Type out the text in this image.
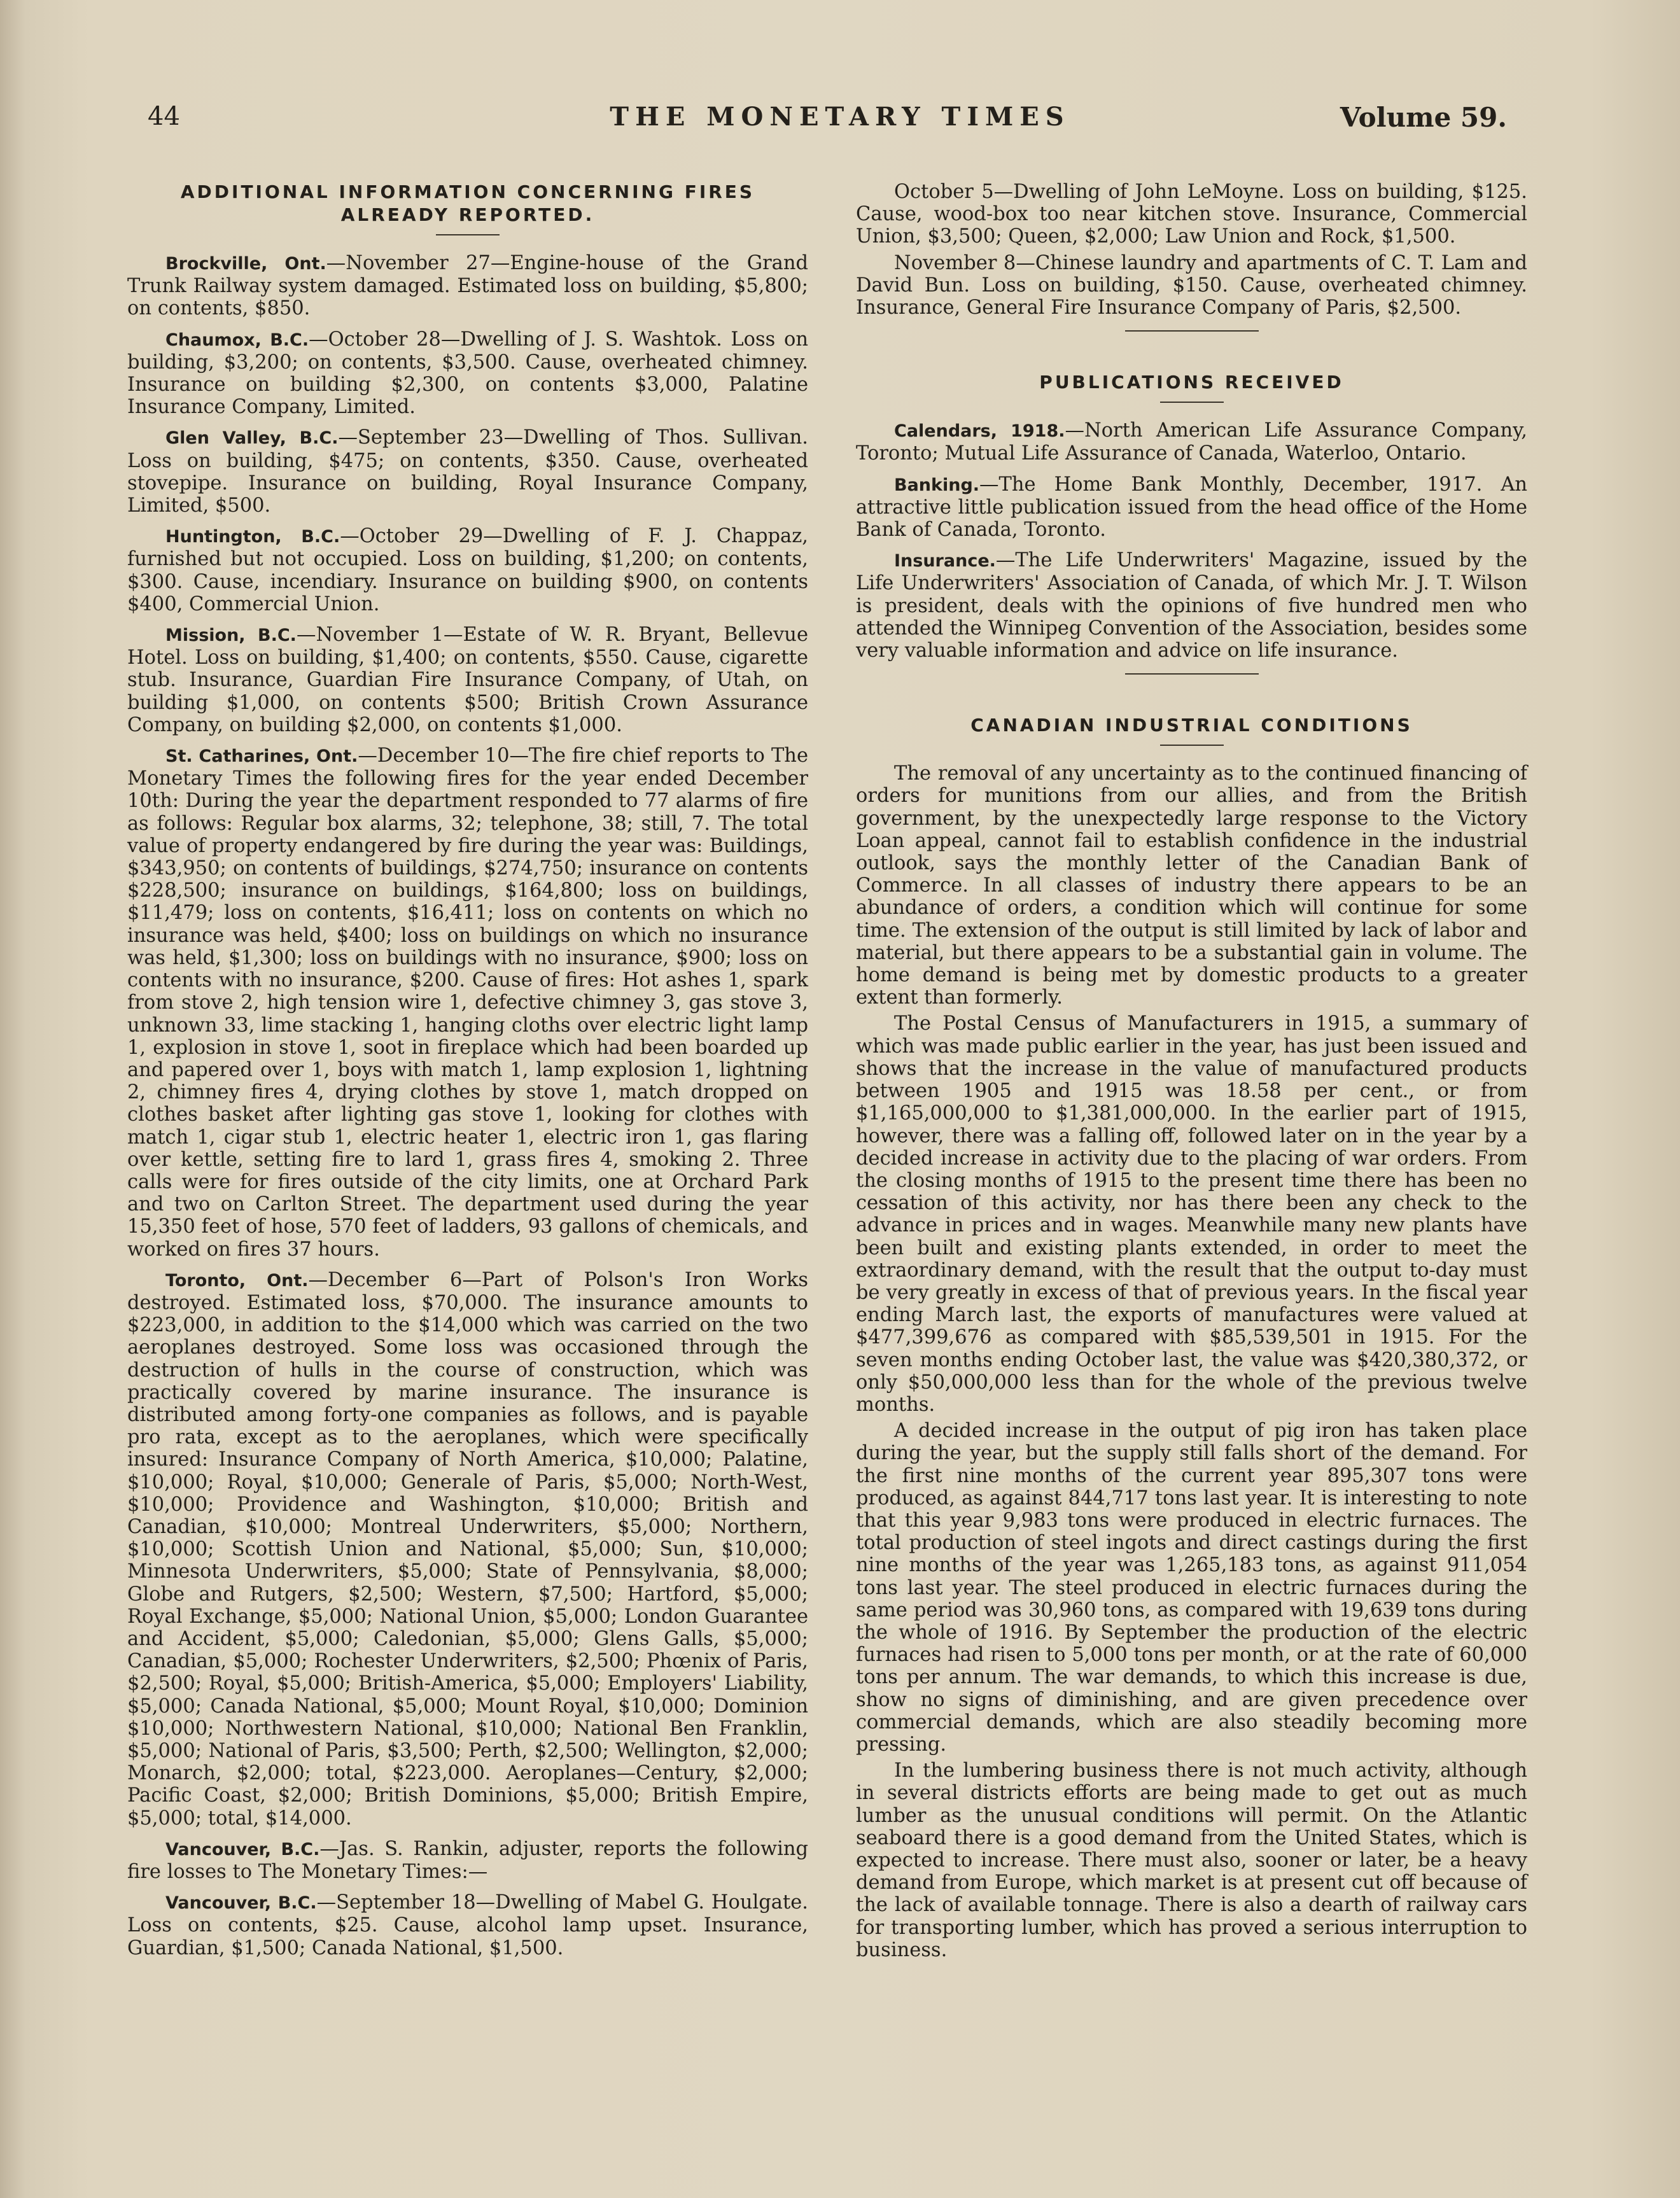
44	THE MONETARY TIMES	Volume 59.
ADDITIONAL INFORMATION CONCERNING FIRES ALREADY REPORTED.

Brockville, Ont.—November 27—Engine-house of the Grand Trunk Railway system damaged. Estimated loss on building, $5,800; on contents, $850.

Chaumox, B.C.—October 28—Dwelling of J. S. Washtok. Loss on building, $3,200; on contents, $3,500. Cause, overheated chimney. Insurance on building $2,300, on contents $3,000, Palatine Insurance Company, Limited.

Glen Valley, B.C.—September 23—Dwelling of Thos. Sullivan. Loss on building, $475; on contents, $350. Cause, overheated stovepipe. Insurance on building, Royal Insurance Company, Limited, $500.

Huntington, B.C.—October 29—Dwelling of F. J. Chappaz, furnished but not occupied. Loss on building, $1,200; on contents, $300. Cause, incendiary. Insurance on building $900, on contents $400, Commercial Union.

Mission, B.C.—November 1—Estate of W. R. Bryant, Bellevue Hotel. Loss on building, $1,400; on contents, $550. Cause, cigarette stub. Insurance, Guardian Fire Insurance Company, of Utah, on building $1,000, on contents $500; British Crown Assurance Company, on building $2,000, on contents $1,000.

St. Catharines, Ont.—December 10—The fire chief reports to The Monetary Times the following fires for the year ended December 10th: During the year the department responded to 77 alarms of fire as follows: Regular box alarms, 32; telephone, 38; still, 7. The total value of property endangered by fire during the year was: Buildings, $343,950; on contents of buildings, $274,750; insurance on contents $228,500; insurance on buildings, $164,800; loss on buildings, $11,479; loss on contents, $16,411; loss on contents on which no insurance was held, $400; loss on buildings on which no insurance was held, $1,300; loss on buildings with no insurance, $900; loss on contents with no insurance, $200. Cause of fires: Hot ashes 1, spark from stove 2, high tension wire 1, defective chimney 3, gas stove 3, unknown 33, lime stacking 1, hanging cloths over electric light lamp 1, explosion in stove 1, soot in fireplace which had been boarded up and papered over 1, boys with match 1, lamp explosion 1, lightning 2, chimney fires 4, drying clothes by stove 1, match dropped on clothes basket after lighting gas stove 1, looking for clothes with match 1, cigar stub 1, electric heater 1, electric iron 1, gas flaring over kettle, setting fire to lard 1, grass fires 4, smoking 2. Three calls were for fires outside of the city limits, one at Orchard Park and two on Carlton Street. The department used during the year 15,350 feet of hose, 570 feet of ladders, 93 gallons of chemicals, and worked on fires 37 hours.

Toronto, Ont.—December 6—Part of Polson's Iron Works destroyed. Estimated loss, $70,000. The insurance amounts to $223,000, in addition to the $14,000 which was carried on the two aeroplanes destroyed. Some loss was occasioned through the destruction of hulls in the course of construction, which was practically covered by marine insurance. The insurance is distributed among forty-one companies as follows, and is payable pro rata, except as to the aeroplanes, which were specifically insured: Insurance Company of North America, $10,000; Palatine, $10,000; Royal, $10,000; Generale of Paris, $5,000; North-West, $10,000; Providence and Washington, $10,000; British and Canadian, $10,000; Montreal Underwriters, $5,000; Northern, $10,000; Scottish Union and National, $5,000; Sun, $10,000; Minnesota Underwriters, $5,000; State of Pennsylvania, $8,000; Globe and Rutgers, $2,500; Western, $7,500; Hartford, $5,000; Royal Exchange, $5,000; National Union, $5,000; London Guarantee and Accident, $5,000; Caledonian, $5,000; Glens Galls, $5,000; Canadian, $5,000; Rochester Underwriters, $2,500; Phœnix of Paris, $2,500; Royal, $5,000; British-America, $5,000; Employers' Liability, $5,000; Canada National, $5,000; Mount Royal, $10,000; Dominion $10,000; Northwestern National, $10,000; National Ben Franklin, $5,000; National of Paris, $3,500; Perth, $2,500; Wellington, $2,000; Monarch, $2,000; total, $223,000. Aeroplanes—Century, $2,000; Pacific Coast, $2,000; British Dominions, $5,000; British Empire, $5,000; total, $14,000.

Vancouver, B.C.—Jas. S. Rankin, adjuster, reports the following fire losses to The Monetary Times:—

Vancouver, B.C.—September 18—Dwelling of Mabel G. Houlgate. Loss on contents, $25. Cause, alcohol lamp upset. Insurance, Guardian, $1,500; Canada National, $1,500.

October 5—Dwelling of John LeMoyne. Loss on building, $125. Cause, wood-box too near kitchen stove. Insurance, Commercial Union, $3,500; Queen, $2,000; Law Union and Rock, $1,500.

November 8—Chinese laundry and apartments of C. T. Lam and David Bun. Loss on building, $150. Cause, overheated chimney. Insurance, General Fire Insurance Company of Paris, $2,500.

PUBLICATIONS RECEIVED

Calendars, 1918.—North American Life Assurance Company, Toronto; Mutual Life Assurance of Canada, Waterloo, Ontario.

Banking.—The Home Bank Monthly, December, 1917. An attractive little publication issued from the head office of the Home Bank of Canada, Toronto.

Insurance.—The Life Underwriters' Magazine, issued by the Life Underwriters' Association of Canada, of which Mr. J. T. Wilson is president, deals with the opinions of five hundred men who attended the Winnipeg Convention of the Association, besides some very valuable information and advice on life insurance.

CANADIAN INDUSTRIAL CONDITIONS

The removal of any uncertainty as to the continued financing of orders for munitions from our allies, and from the British government, by the unexpectedly large response to the Victory Loan appeal, cannot fail to establish confidence in the industrial outlook, says the monthly letter of the Canadian Bank of Commerce. In all classes of industry there appears to be an abundance of orders, a condition which will continue for some time. The extension of the output is still limited by lack of labor and material, but there appears to be a substantial gain in volume. The home demand is being met by domestic products to a greater extent than formerly.

The Postal Census of Manufacturers in 1915, a summary of which was made public earlier in the year, has just been issued and shows that the increase in the value of manufactured products between 1905 and 1915 was 18.58 per cent., or from $1,165,000,000 to $1,381,000,000. In the earlier part of 1915, however, there was a falling off, followed later on in the year by a decided increase in activity due to the placing of war orders. From the closing months of 1915 to the present time there has been no cessation of this activity, nor has there been any check to the advance in prices and in wages. Meanwhile many new plants have been built and existing plants extended, in order to meet the extraordinary demand, with the result that the output to-day must be very greatly in excess of that of previous years. In the fiscal year ending March last, the exports of manufactures were valued at $477,399,676 as compared with $85,539,501 in 1915. For the seven months ending October last, the value was $420,380,372, or only $50,000,000 less than for the whole of the previous twelve months.

A decided increase in the output of pig iron has taken place during the year, but the supply still falls short of the demand. For the first nine months of the current year 895,307 tons were produced, as against 844,717 tons last year. It is interesting to note that this year 9,983 tons were produced in electric furnaces. The total production of steel ingots and direct castings during the first nine months of the year was 1,265,183 tons, as against 911,054 tons last year. The steel produced in electric furnaces during the same period was 30,960 tons, as compared with 19,639 tons during the whole of 1916. By September the production of the electric furnaces had risen to 5,000 tons per month, or at the rate of 60,000 tons per annum. The war demands, to which this increase is due, show no signs of diminishing, and are given precedence over commercial demands, which are also steadily becoming more pressing.

In the lumbering business there is not much activity, although in several districts efforts are being made to get out as much lumber as the unusual conditions will permit. On the Atlantic seaboard there is a good demand from the United States, which is expected to increase. There must also, sooner or later, be a heavy demand from Europe, which market is at present cut off because of the lack of available tonnage. There is also a dearth of railway cars for transporting lumber, which has proved a serious interruption to business.
